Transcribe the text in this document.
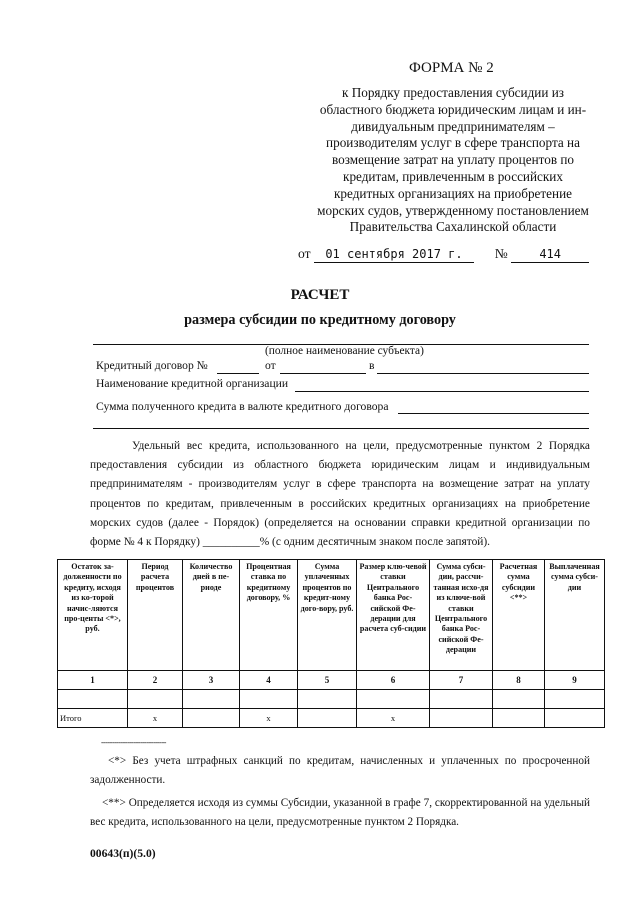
ФОРМА № 2
к Порядку предоставления субсидии из
областного бюджета юридическим лицам и ин-
дивидуальным предпринимателям –
производителям услуг в сфере транспорта на
возмещение затрат на уплату процентов по
кредитам, привлеченным в российских
кредитных организациях на приобретение
морских судов, утвержденному постановлением
Правительства Сахалинской области
от 01 сентября 2017 г. №	414
РАСЧЕТ
размера субсидии по кредитному договору
(полное наименование субъекта)
Кредитный договор №	от	в
Наименование кредитной организации
Сумма полученного кредита в валюте кредитного договора
Удельный вес кредита, использованного на цели, предусмотренные пунктом 2 Порядка предоставления субсидии из областного бюджета юридическим лицам и индивидуальным предпринимателям - производителям услуг в сфере транспорта на возмещение затрат на уплату процентов по кредитам, привлеченным в российских кредитных организациях на приобретение морских судов (далее - Порядок) (определяется на основании справки кредитной организации по форме № 4 к Порядку) __________% (с одним десятичным знаком после запятой).
Остаток за-долженности по кредиту, исходя из ко-торой начис-ляются про-центы <*>, руб.	Период расчета процентов	Количество дней в пе-риоде	Процентная ставка по кредитному договору, %	Сумма уплаченных процентов по кредит-ному дого-вору, руб.	Размер клю-чевой ставки Центрального банка Рос-сийской Фе-дерации для расчета суб-сидии	Сумма субси-дии, рассчи-танная исхо-дя из ключе-вой ставки Центрального банка Рос-сийской Фе-дерации	Расчетная сумма субсидии <**>	Выплаченная сумма субси-дии
1	2	3	4	5	6	7	8	9

Итого	х		х		х			
------------------------------
<*> Без учета штрафных санкций по кредитам, начисленных и уплаченных по просроченной задолженности.
<**> Определяется исходя из суммы Субсидии, указанной в графе 7, скорректированной на удельный вес кредита, использованного на цели, предусмотренные пунктом 2 Порядка.
00643(п)(5.0)
